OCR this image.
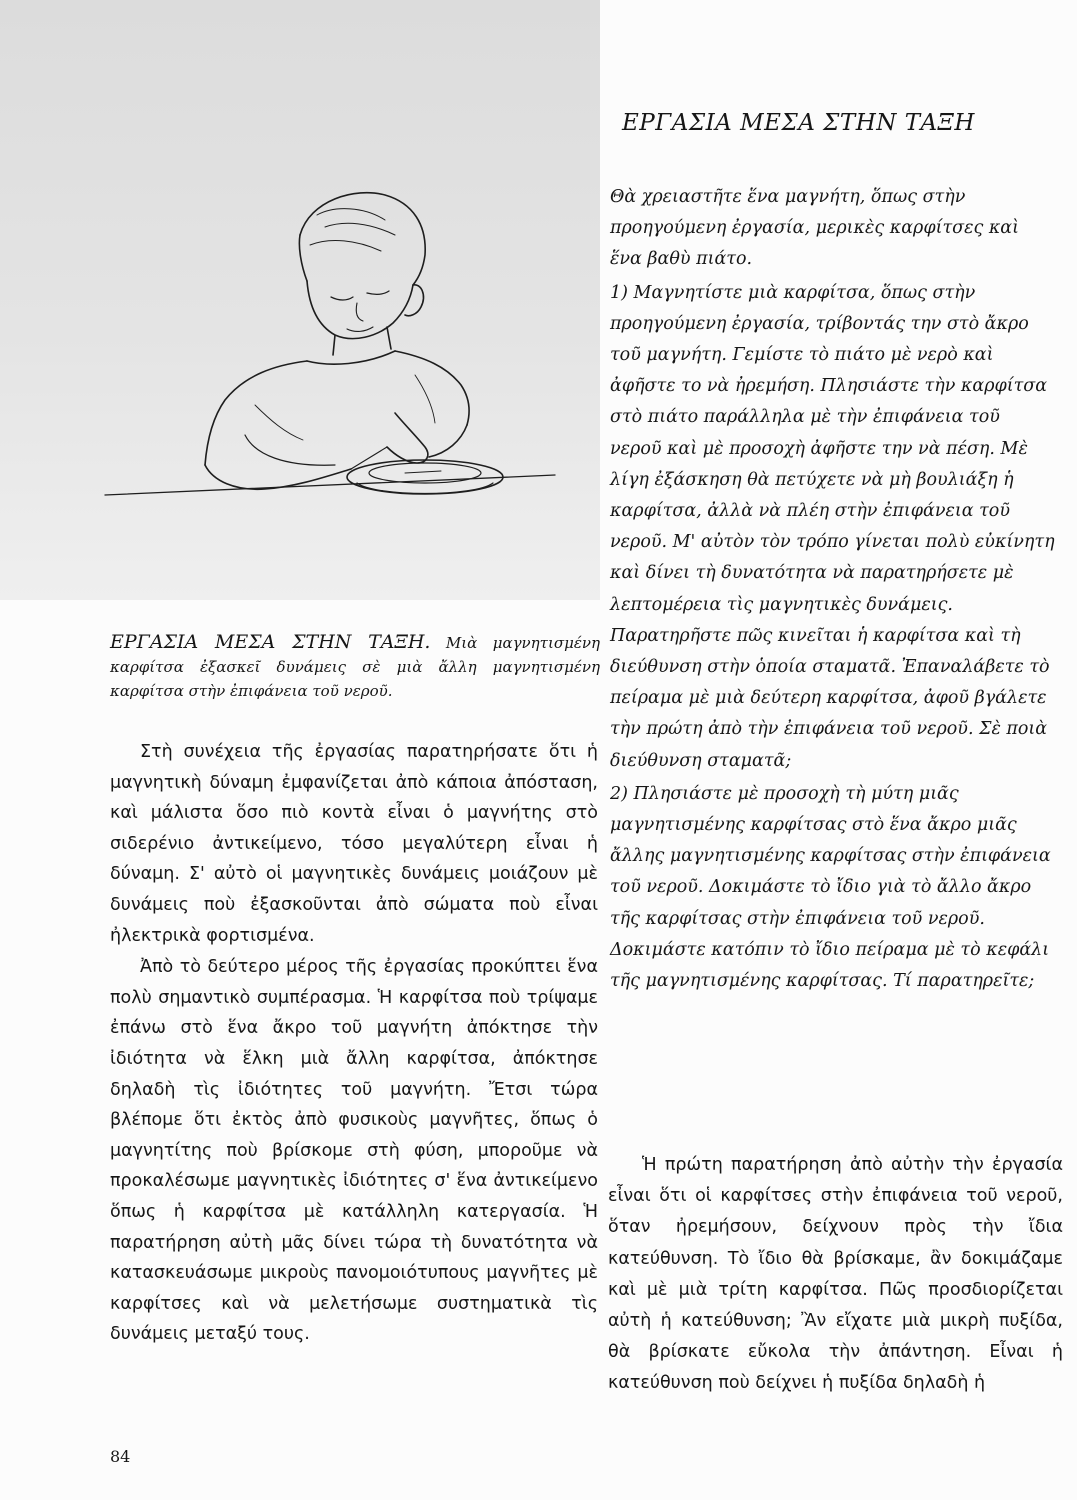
ΕΡΓΑΣΙΑ ΜΕΣΑ ΣΤΗΝ ΤΑΞΗ. Μιὰ μαγνητισμένη καρφίτσα ἐξασκεῖ δυνάμεις σὲ μιὰ ἄλλη μαγνητισμένη καρφίτσα στὴν ἐπιφάνεια τοῦ νεροῦ.

Στὴ συνέχεια τῆς ἐργασίας παρατηρήσατε ὅτι ἡ μαγνητικὴ δύναμη ἐμφανίζεται ἀπὸ κάποια ἀπόσταση, καὶ μάλιστα ὅσο πιὸ κοντὰ εἶναι ὁ μαγνήτης στὸ σιδερένιο ἀντικείμενο, τόσο μεγαλύτερη εἶναι ἡ δύναμη. Σ' αὐτὸ οἱ μαγνητικὲς δυνάμεις μοιάζουν μὲ δυνάμεις ποὺ ἐξασκοῦνται ἀπὸ σώματα ποὺ εἶναι ἠλεκτρικὰ φορτισμένα.

Ἀπὸ τὸ δεύτερο μέρος τῆς ἐργασίας προκύπτει ἕνα πολὺ σημαντικὸ συμπέρασμα. Ἡ καρφίτσα ποὺ τρίψαμε ἐπάνω στὸ ἕνα ἄκρο τοῦ μαγνήτη ἀπόκτησε τὴν ἰδιότητα νὰ ἕλκη μιὰ ἄλλη καρφίτσα, ἀπόκτησε δηλαδὴ τὶς ἰδιότητες τοῦ μαγνήτη. Ἔτσι τώρα βλέπομε ὅτι ἐκτὸς ἀπὸ φυσικοὺς μαγνῆτες, ὅπως ὁ μαγνητίτης ποὺ βρίσκομε στὴ φύση, μποροῦμε νὰ προκαλέσωμε μαγνητικὲς ἰδιότητες σ' ἕνα ἀντικείμενο ὅπως ἡ καρφίτσα μὲ κατάλληλη κατεργασία. Ἡ παρατήρηση αὐτὴ μᾶς δίνει τώρα τὴ δυνατότητα νὰ κατασκευάσωμε μικροὺς πανομοιότυπους μαγνῆτες μὲ καρφίτσες καὶ νὰ μελετήσωμε συστηματικὰ τὶς δυνάμεις μεταξύ τους.

ΕΡΓΑΣΙΑ ΜΕΣΑ ΣΤΗΝ ΤΑΞΗ

Θὰ χρειαστῆτε ἕνα μαγνήτη, ὅπως στὴν προηγούμενη ἐργασία, μερικὲς καρφίτσες καὶ ἕνα βαθὺ πιάτο.

1) Μαγνητίστε μιὰ καρφίτσα, ὅπως στὴν προηγούμενη ἐργασία, τρίβοντάς την στὸ ἄκρο τοῦ μαγνήτη. Γεμίστε τὸ πιάτο μὲ νερὸ καὶ ἀφῆστε το νὰ ἠρεμήση. Πλησιάστε τὴν καρφίτσα στὸ πιάτο παράλληλα μὲ τὴν ἐπιφάνεια τοῦ νεροῦ καὶ μὲ προσοχὴ ἀφῆστε την νὰ πέση. Μὲ λίγη ἐξάσκηση θὰ πετύχετε νὰ μὴ βουλιάξη ἡ καρφίτσα, ἀλλὰ νὰ πλέη στὴν ἐπιφάνεια τοῦ νεροῦ. Μ' αὐτὸν τὸν τρόπο γίνεται πολὺ εὐκίνητη καὶ δίνει τὴ δυνατότητα νὰ παρατηρήσετε μὲ λεπτομέρεια τὶς μαγνητικὲς δυνάμεις. Παρατηρῆστε πῶς κινεῖται ἡ καρφίτσα καὶ τὴ διεύθυνση στὴν ὁποία σταματᾶ. Ἐπαναλάβετε τὸ πείραμα μὲ μιὰ δεύτερη καρφίτσα, ἀφοῦ βγάλετε τὴν πρώτη ἀπὸ τὴν ἐπιφάνεια τοῦ νεροῦ. Σὲ ποιὰ διεύθυνση σταματᾶ;

2) Πλησιάστε μὲ προσοχὴ τὴ μύτη μιᾶς μαγνητισμένης καρφίτσας στὸ ἕνα ἄκρο μιᾶς ἄλλης μαγνητισμένης καρφίτσας στὴν ἐπιφάνεια τοῦ νεροῦ. Δοκιμάστε τὸ ἴδιο γιὰ τὸ ἄλλο ἄκρο τῆς καρφίτσας στὴν ἐπιφάνεια τοῦ νεροῦ. Δοκιμάστε κατόπιν τὸ ἴδιο πείραμα μὲ τὸ κεφάλι τῆς μαγνητισμένης καρφίτσας. Τί παρατηρεῖτε;

Ἡ πρώτη παρατήρηση ἀπὸ αὐτὴν τὴν ἐργασία εἶναι ὅτι οἱ καρφίτσες στὴν ἐπιφάνεια τοῦ νεροῦ, ὅταν ἠρεμήσουν, δείχνουν πρὸς τὴν ἴδια κατεύθυνση. Τὸ ἴδιο θὰ βρίσκαμε, ἂν δοκιμάζαμε καὶ μὲ μιὰ τρίτη καρφίτσα. Πῶς προσδιορίζεται αὐτὴ ἡ κατεύθυνση; Ἂν εἴχατε μιὰ μικρὴ πυξίδα, θὰ βρίσκατε εὔκολα τὴν ἀπάντηση. Εἶναι ἡ κατεύθυνση ποὺ δείχνει ἡ πυξίδα δηλαδὴ ἡ

84
